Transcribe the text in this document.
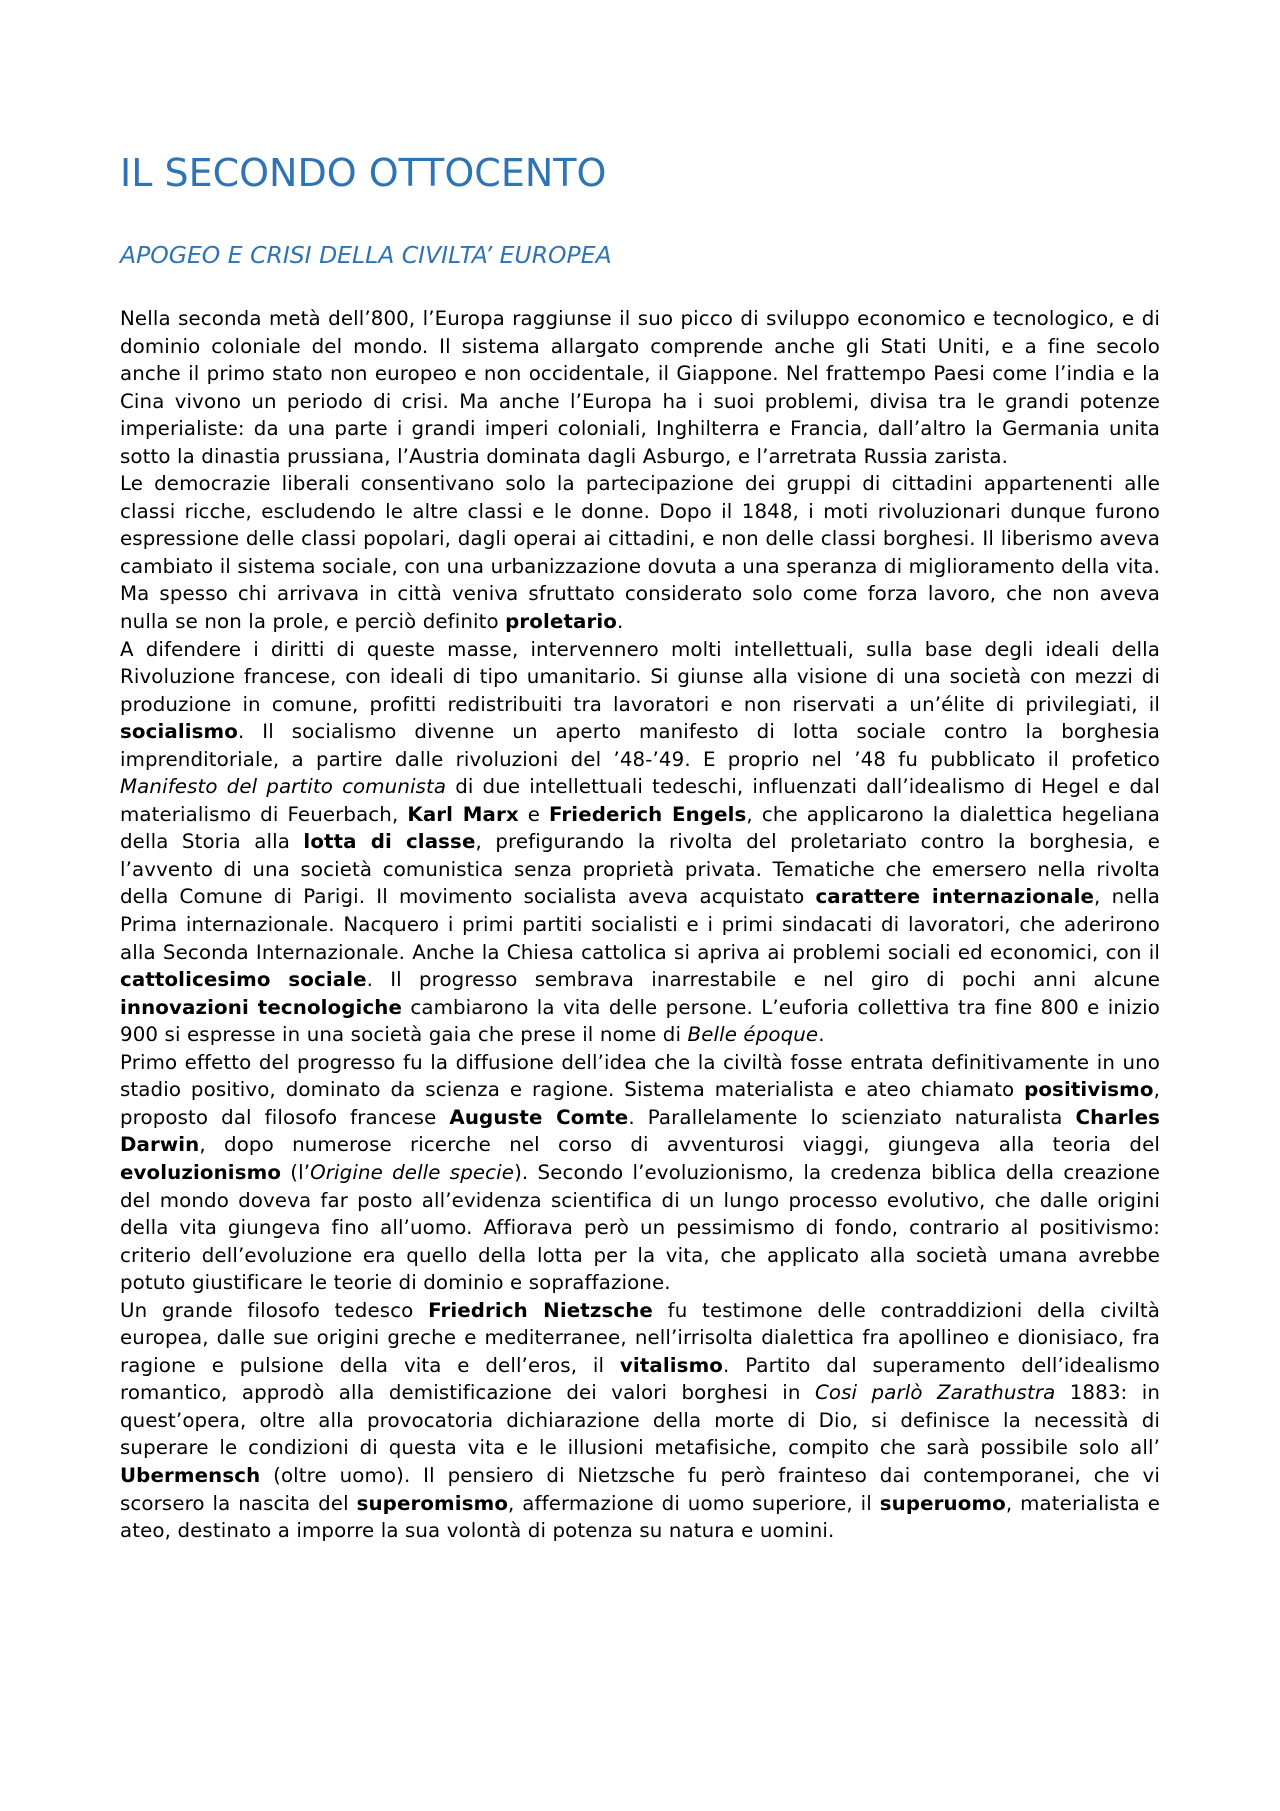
IL SECONDO OTTOCENTO
APOGEO E CRISI DELLA CIVILTA’ EUROPEA

Nella seconda metà dell’800, l’Europa raggiunse il suo picco di sviluppo economico e tecnologico, e di dominio coloniale del mondo. Il sistema allargato comprende anche gli Stati Uniti, e a fine secolo anche il primo stato non europeo e non occidentale, il Giappone. Nel frattempo Paesi come l’india e la Cina vivono un periodo di crisi. Ma anche l’Europa ha i suoi problemi, divisa tra le grandi potenze imperialiste: da una parte i grandi imperi coloniali, Inghilterra e Francia, dall’altro la Germania unita sotto la dinastia prussiana, l’Austria dominata dagli Asburgo, e l’arretrata Russia zarista.

Le democrazie liberali consentivano solo la partecipazione dei gruppi di cittadini appartenenti alle classi ricche, escludendo le altre classi e le donne. Dopo il 1848, i moti rivoluzionari dunque furono espressione delle classi popolari, dagli operai ai cittadini, e non delle classi borghesi. Il liberismo aveva cambiato il sistema sociale, con una urbanizzazione dovuta a una speranza di miglioramento della vita. Ma spesso chi arrivava in città veniva sfruttato considerato solo come forza lavoro, che non aveva nulla se non la prole, e perciò definito proletario.

A difendere i diritti di queste masse, intervennero molti intellettuali, sulla base degli ideali della Rivoluzione francese, con ideali di tipo umanitario. Si giunse alla visione di una società con mezzi di produzione in comune, profitti redistribuiti tra lavoratori e non riservati a un’élite di privilegiati, il socialismo. Il socialismo divenne un aperto manifesto di lotta sociale contro la borghesia imprenditoriale, a partire dalle rivoluzioni del ’48-’49. E proprio nel ’48 fu pubblicato il profetico Manifesto del partito comunista di due intellettuali tedeschi, influenzati dall’idealismo di Hegel e dal materialismo di Feuerbach, Karl Marx e Friederich Engels, che applicarono la dialettica hegeliana della Storia alla lotta di classe, prefigurando la rivolta del proletariato contro la borghesia, e l’avvento di una società comunistica senza proprietà privata. Tematiche che emersero nella rivolta della Comune di Parigi. Il movimento socialista aveva acquistato carattere internazionale, nella Prima internazionale. Nacquero i primi partiti socialisti e i primi sindacati di lavoratori, che aderirono alla Seconda Internazionale. Anche la Chiesa cattolica si apriva ai problemi sociali ed economici, con il cattolicesimo sociale. Il progresso sembrava inarrestabile e nel giro di pochi anni alcune innovazioni tecnologiche cambiarono la vita delle persone. L’euforia collettiva tra fine 800 e inizio 900 si espresse in una società gaia che prese il nome di Belle époque.

Primo effetto del progresso fu la diffusione dell’idea che la civiltà fosse entrata definitivamente in uno stadio positivo, dominato da scienza e ragione. Sistema materialista e ateo chiamato positivismo, proposto dal filosofo francese Auguste Comte. Parallelamente lo scienziato naturalista Charles Darwin, dopo numerose ricerche nel corso di avventurosi viaggi, giungeva alla teoria del evoluzionismo (l’Origine delle specie). Secondo l’evoluzionismo, la credenza biblica della creazione del mondo doveva far posto all’evidenza scientifica di un lungo processo evolutivo, che dalle origini della vita giungeva fino all’uomo. Affiorava però un pessimismo di fondo, contrario al positivismo: criterio dell’evoluzione era quello della lotta per la vita, che applicato alla società umana avrebbe potuto giustificare le teorie di dominio e sopraffazione.

Un grande filosofo tedesco Friedrich Nietzsche fu testimone delle contraddizioni della civiltà europea, dalle sue origini greche e mediterranee, nell’irrisolta dialettica fra apollineo e dionisiaco, fra ragione e pulsione della vita e dell’eros, il vitalismo. Partito dal superamento dell’idealismo romantico, approdò alla demistificazione dei valori borghesi in Cosi parlò Zarathustra 1883: in quest’opera, oltre alla provocatoria dichiarazione della morte di Dio, si definisce la necessità di superare le condizioni di questa vita e le illusioni metafisiche, compito che sarà possibile solo all’ Ubermensch (oltre uomo). Il pensiero di Nietzsche fu però frainteso dai contemporanei, che vi scorsero la nascita del superomismo, affermazione di uomo superiore, il superuomo, materialista e ateo, destinato a imporre la sua volontà di potenza su natura e uomini.
